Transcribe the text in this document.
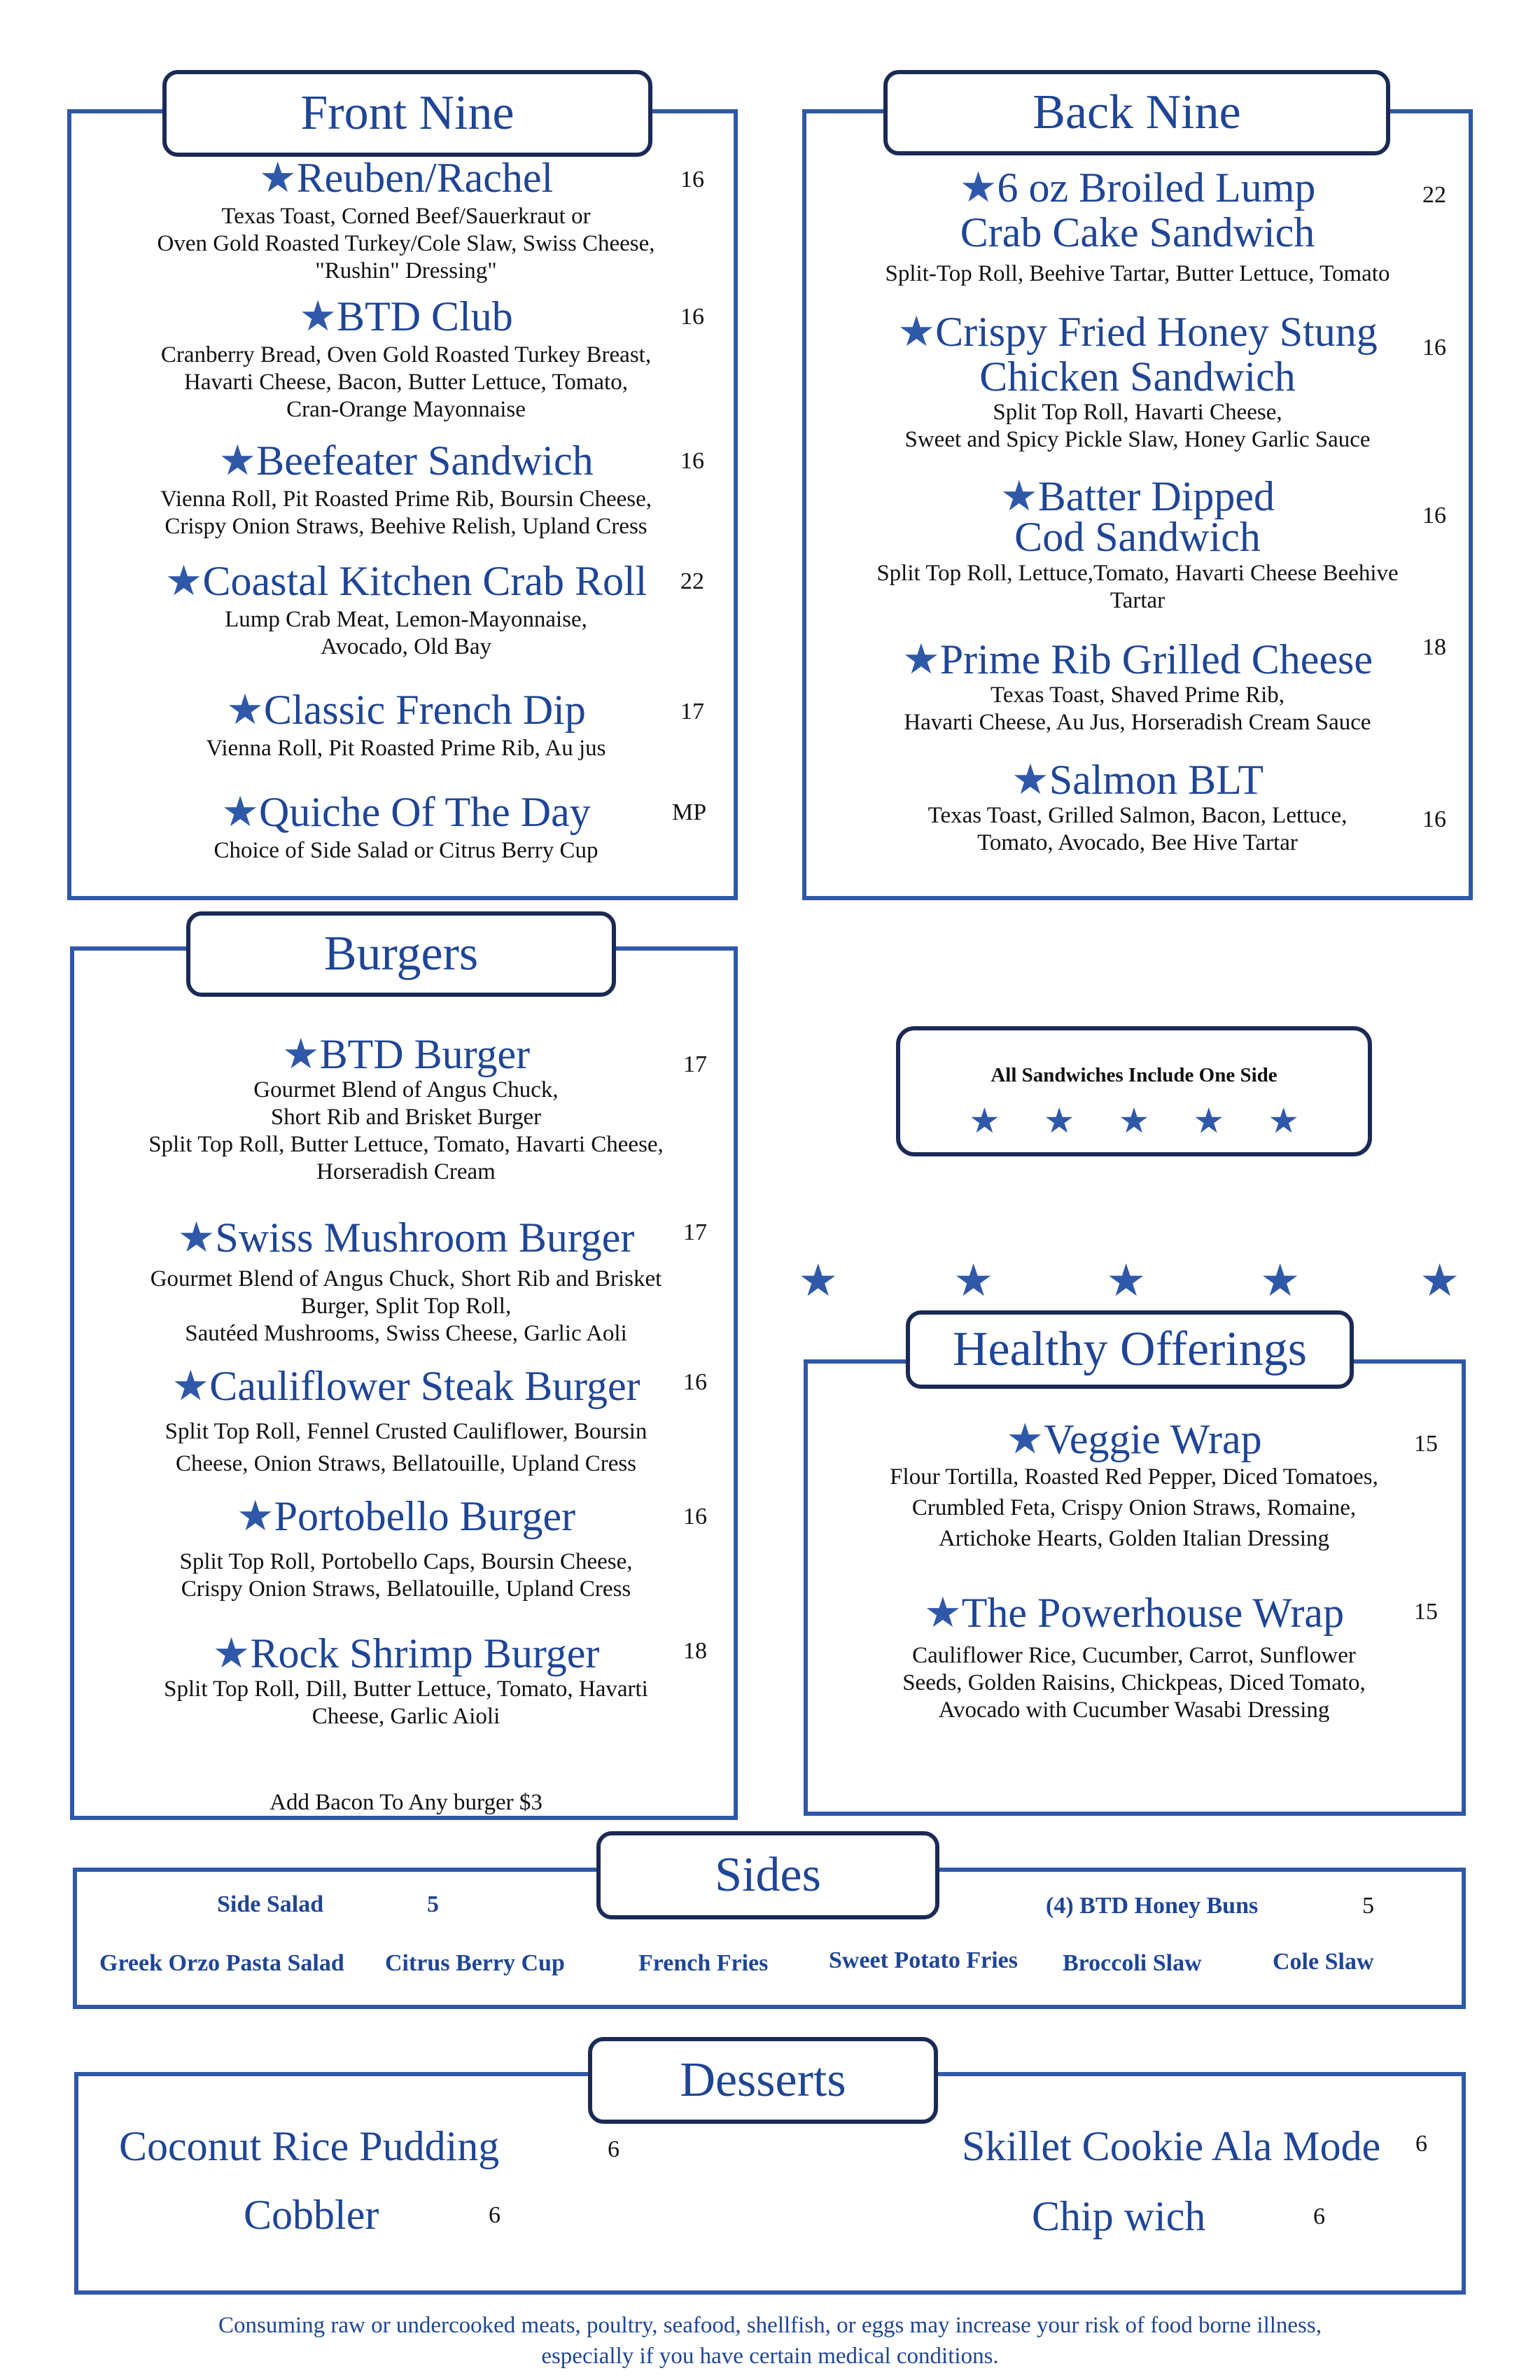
Front Nine
★Reuben/Rachel
Texas Toast, Corned Beef/Sauerkraut or
Oven Gold Roasted Turkey/Cole Slaw, Swiss Cheese,
"Rushin" Dressing"
16
★BTD Club
Cranberry Bread, Oven Gold Roasted Turkey Breast,
Havarti Cheese, Bacon, Butter Lettuce, Tomato,
Cran-Orange Mayonnaise
16
★Beefeater Sandwich
Vienna Roll, Pit Roasted Prime Rib, Boursin Cheese,
Crispy Onion Straws, Beehive Relish, Upland Cress
16
★Coastal Kitchen Crab Roll
Lump Crab Meat, Lemon-Mayonnaise,
Avocado, Old Bay
22
★Classic French Dip
Vienna Roll, Pit Roasted Prime Rib, Au jus
17
★Quiche Of The Day
Choice of Side Salad or Citrus Berry Cup
MP
Back Nine
★6 oz Broiled Lump
Crab Cake Sandwich
Split-Top Roll, Beehive Tartar, Butter Lettuce, Tomato
22
★Crispy Fried Honey Stung
Chicken Sandwich
Split Top Roll, Havarti Cheese,
Sweet and Spicy Pickle Slaw, Honey Garlic Sauce
16
★Batter Dipped
Cod Sandwich
Split Top Roll, Lettuce,Tomato, Havarti Cheese Beehive
Tartar
16
★Prime Rib Grilled Cheese
Texas Toast, Shaved Prime Rib,
Havarti Cheese, Au Jus, Horseradish Cream Sauce
18
★Salmon BLT
Texas Toast, Grilled Salmon, Bacon, Lettuce,
Tomato, Avocado, Bee Hive Tartar
16
Burgers
★BTD Burger
Gourmet Blend of Angus Chuck,
Short Rib and Brisket Burger
Split Top Roll, Butter Lettuce, Tomato, Havarti Cheese,
Horseradish Cream
17
★Swiss Mushroom Burger
Gourmet Blend of Angus Chuck, Short Rib and Brisket
Burger, Split Top Roll,
Sautéed Mushrooms, Swiss Cheese, Garlic Aoli
17
★Cauliflower Steak Burger
Split Top Roll, Fennel Crusted Cauliflower, Boursin
Cheese, Onion Straws, Bellatouille, Upland Cress
16
★Portobello Burger
Split Top Roll, Portobello Caps, Boursin Cheese,
Crispy Onion Straws, Bellatouille, Upland Cress
16
★Rock Shrimp Burger
Split Top Roll, Dill, Butter Lettuce, Tomato, Havarti
Cheese, Garlic Aioli
18
Add Bacon To Any burger $3
All Sandwiches Include One Side
★★★★★
★	★	★	★	★
Healthy Offerings
★Veggie Wrap
Flour Tortilla, Roasted Red Pepper, Diced Tomatoes,
Crumbled Feta, Crispy Onion Straws, Romaine,
Artichoke Hearts, Golden Italian Dressing
15
★The Powerhouse Wrap
Cauliflower Rice, Cucumber, Carrot, Sunflower
Seeds, Golden Raisins, Chickpeas, Diced Tomato,
Avocado with Cucumber Wasabi Dressing
15
Sides
Side Salad	5	(4) BTD Honey Buns	5
Greek Orzo Pasta Salad Citrus Berry Cup	French Fries	Sweet Potato Fries Broccoli Slaw	Cole Slaw
Desserts
Coconut Rice Pudding	6	Skillet Cookie Ala Mode 6
Cobbler	6	Chip wich	6
Consuming raw or undercooked meats, poultry, seafood, shellfish, or eggs may increase your risk of food borne illness,
especially if you have certain medical conditions.
